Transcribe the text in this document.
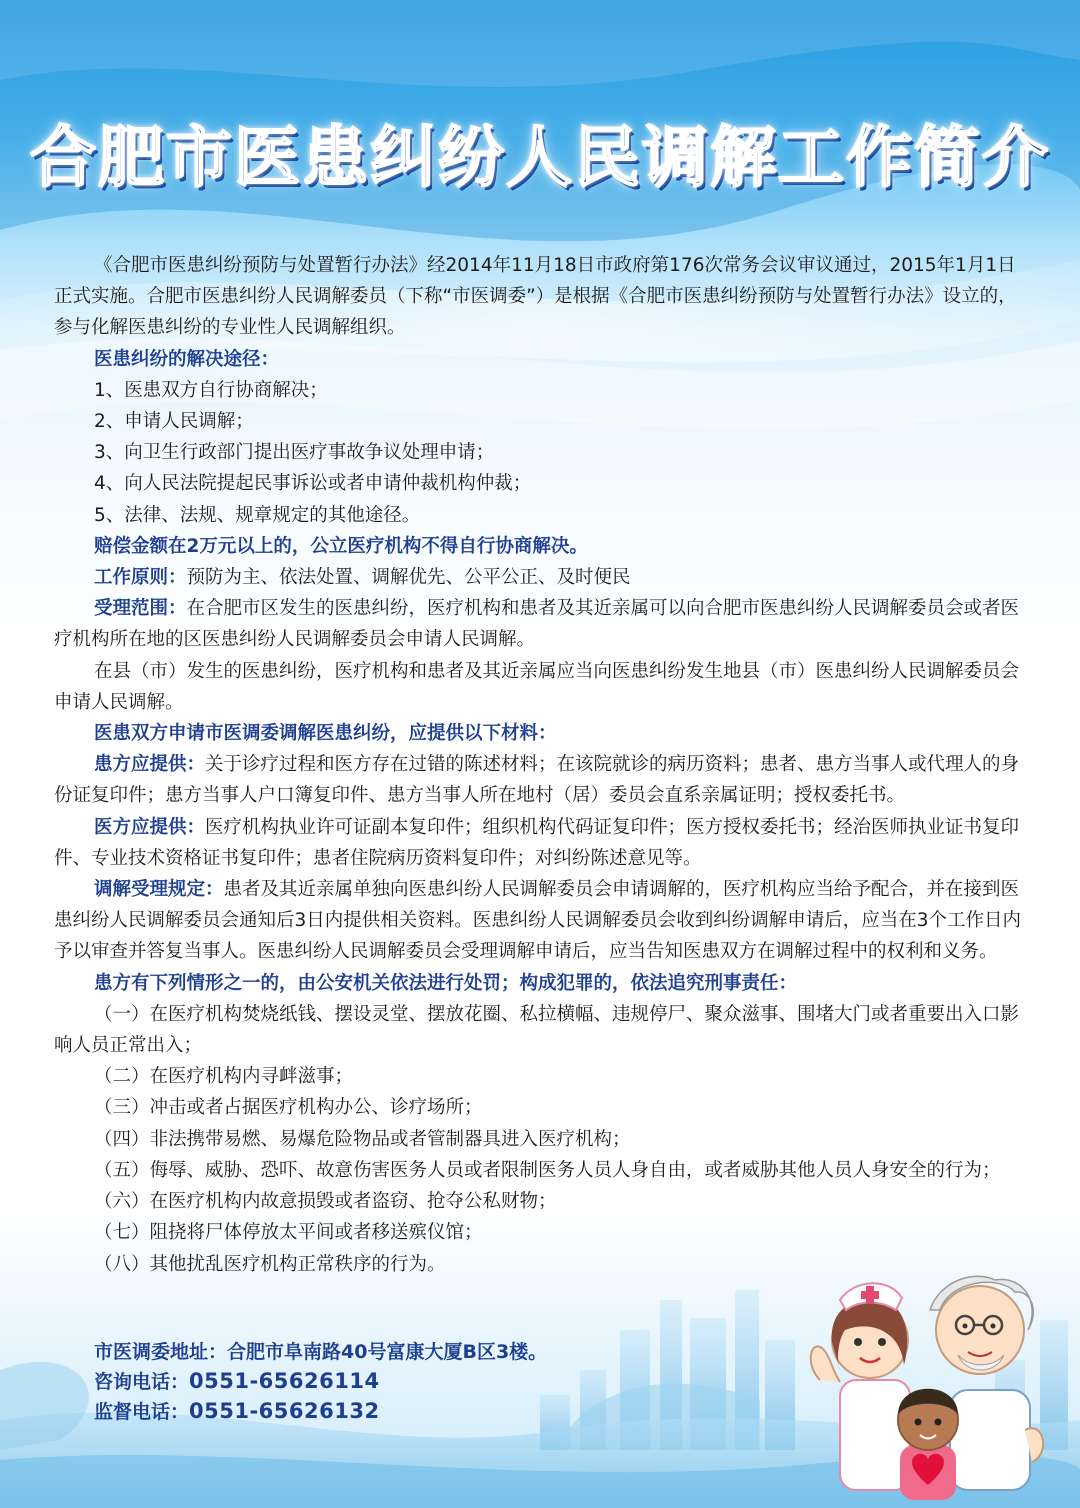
合肥市医患纠纷人民调解工作简介

《合肥市医患纠纷预防与处置暂行办法》经2014年11月18日市政府第176次常务会议审议通过，2015年1月1日正式实施。合肥市医患纠纷人民调解委员（下称“市医调委”）是根据《合肥市医患纠纷预防与处置暂行办法》设立的，参与化解医患纠纷的专业性人民调解组织。

医患纠纷的解决途径：

1、医患双方自行协商解决；

2、申请人民调解；

3、向卫生行政部门提出医疗事故争议处理申请；

4、向人民法院提起民事诉讼或者申请仲裁机构仲裁；

5、法律、法规、规章规定的其他途径。

赔偿金额在2万元以上的，公立医疗机构不得自行协商解决。

工作原则：预防为主、依法处置、调解优先、公平公正、及时便民

受理范围：在合肥市区发生的医患纠纷，医疗机构和患者及其近亲属可以向合肥市医患纠纷人民调解委员会或者医疗机构所在地的区医患纠纷人民调解委员会申请人民调解。

在县（市）发生的医患纠纷，医疗机构和患者及其近亲属应当向医患纠纷发生地县（市）医患纠纷人民调解委员会申请人民调解。

医患双方申请市医调委调解医患纠纷，应提供以下材料：

患方应提供：关于诊疗过程和医方存在过错的陈述材料；在该院就诊的病历资料；患者、患方当事人或代理人的身份证复印件；患方当事人户口簿复印件、患方当事人所在地村（居）委员会直系亲属证明；授权委托书。

医方应提供：医疗机构执业许可证副本复印件；组织机构代码证复印件；医方授权委托书；经治医师执业证书复印件、专业技术资格证书复印件；患者住院病历资料复印件；对纠纷陈述意见等。

调解受理规定：患者及其近亲属单独向医患纠纷人民调解委员会申请调解的，医疗机构应当给予配合，并在接到医患纠纷人民调解委员会通知后3日内提供相关资料。医患纠纷人民调解委员会收到纠纷调解申请后，应当在3个工作日内予以审查并答复当事人。医患纠纷人民调解委员会受理调解申请后，应当告知医患双方在调解过程中的权利和义务。

患方有下列情形之一的，由公安机关依法进行处罚；构成犯罪的，依法追究刑事责任：

（一）在医疗机构焚烧纸钱、摆设灵堂、摆放花圈、私拉横幅、违规停尸、聚众滋事、围堵大门或者重要出入口影响人员正常出入；

（二）在医疗机构内寻衅滋事；

（三）冲击或者占据医疗机构办公、诊疗场所；

（四）非法携带易燃、易爆危险物品或者管制器具进入医疗机构；

（五）侮辱、威胁、恐吓、故意伤害医务人员或者限制医务人员人身自由，或者威胁其他人员人身安全的行为；

（六）在医疗机构内故意损毁或者盗窃、抢夺公私财物；

（七）阻挠将尸体停放太平间或者移送殡仪馆；

（八）其他扰乱医疗机构正常秩序的行为。

市医调委地址：合肥市阜南路40号富康大厦B区3楼。
咨询电话：0551-65626114
监督电话：0551-65626132
